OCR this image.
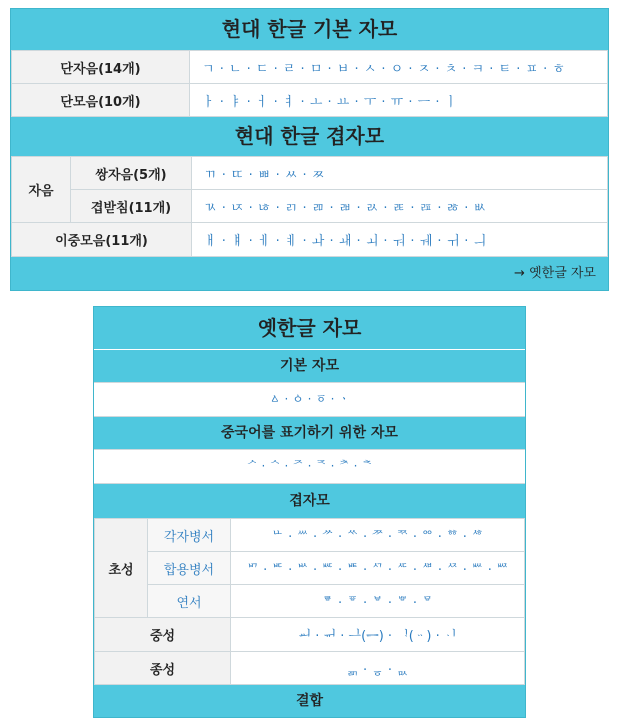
현대 한글 기본 자모
단자음(14개)	ㄱ · ㄴ · ㄷ · ㄹ · ㅁ · ㅂ · ㅅ · ㅇ · ㅈ · ㅊ · ㅋ · ㅌ · ㅍ · ㅎ
단모음(10개)	ㅏ · ㅑ · ㅓ · ㅕ · ㅗ · ㅛ · ㅜ · ㅠ · ㅡ · ㅣ
현대 한글 겹자모
자음	쌍자음(5개)	ㄲ · ㄸ · ㅃ · ㅆ · ㅉ
	겹받침(11개)	ㄳ · ㄵ · ㄶ · ㄺ · ㄻ · ㄼ · ㄽ · ㄾ · ㄿ · ㅀ · ㅄ
이중모음(11개)		ㅐ · ㅒ · ㅔ · ㅖ · ㅘ · ㅙ · ㅚ · ㅝ · ㅞ · ㅟ · ㅢ
→ 옛한글 자모
옛한글 자모
기본 자모
ㅿ · ㆁ · ㆆ · ㆍ
중국어를 표기하기 위한 자모
ᄼ · ᄾ · ᅎ · ᅐ · ᅔ · ᅕ
겹자모
초성	각자병서	ᄔ · ᄴ · ᄽ · ᄿ · ᅏ · ᅑ · ᅇ · ᅘ · ᄻ
	합용병서	ᄞ · ᄠ · ᄡ · ᄣ · ᄩ · ᄭ · ᄯ · ᄲ · ᄶ · ᄥ · ᄦ
	연서	ᄛ · ᅗ · ᄫ · ᄬ · ᄝ
중성		ᆈ · ᆔ · ᆜ(ᆖ) · ᆝ(ᆢ) · ᆡ
종성		ᇑ · ᇹ · ᇝ
결합
